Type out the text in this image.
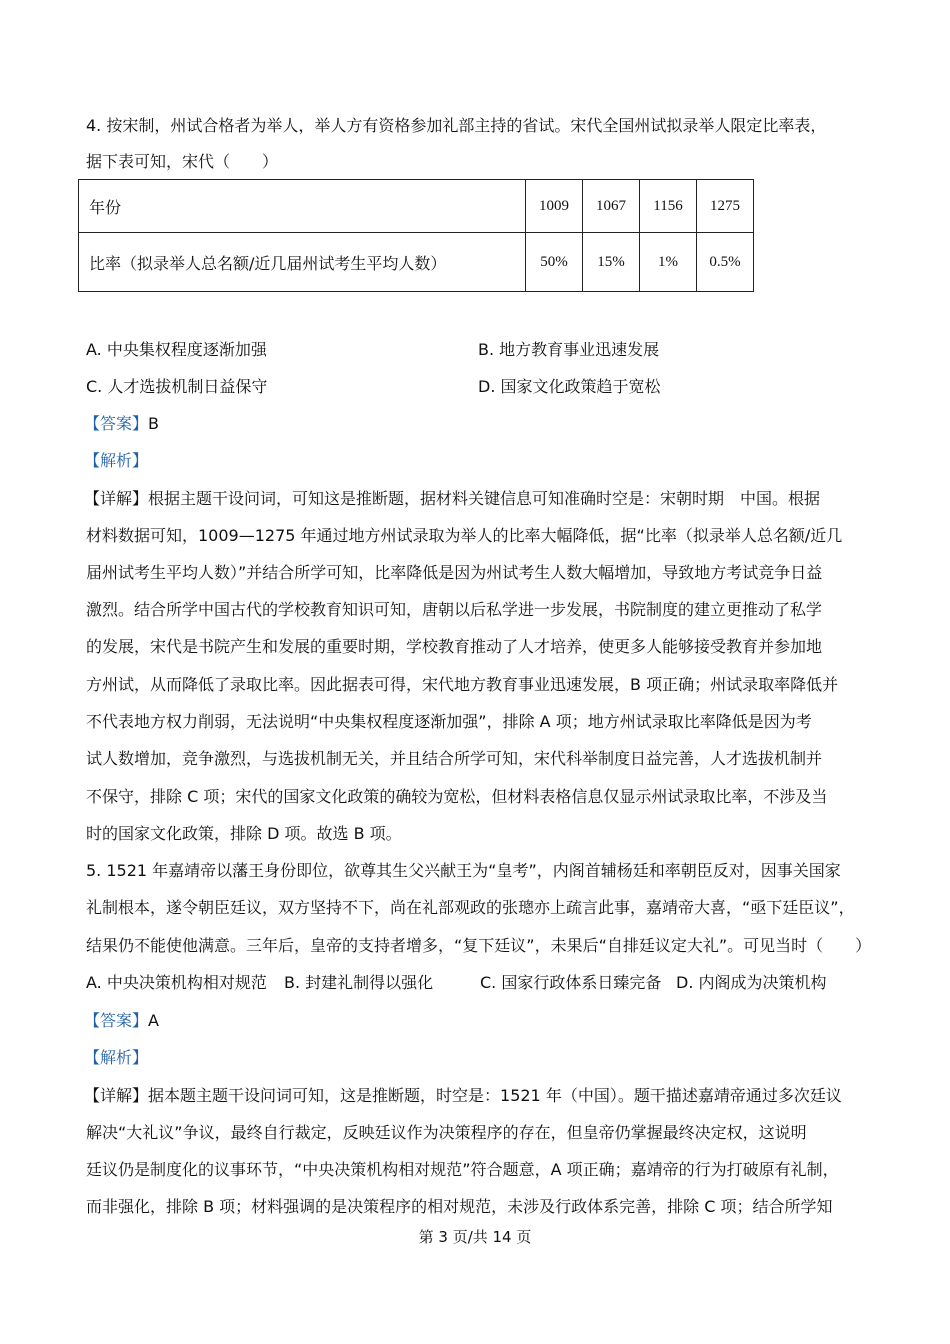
4. 按宋制，州试合格者为举人，举人方有资格参加礼部主持的省试。宋代全国州试拟录举人限定比率表，
据下表可知，宋代（　　）
年份	1009	1067	1156	1275
比率（拟录举人总名额/近几届州试考生平均人数）	50%	15%	1%	0.5%
A. 中央集权程度逐渐加强	B. 地方教育事业迅速发展
C. 人才选拔机制日益保守	D. 国家文化政策趋于宽松
【答案】B
【解析】
【详解】根据主题干设问词，可知这是推断题，据材料关键信息可知准确时空是：宋朝时期　中国。根据
材料数据可知，1009—1275 年通过地方州试录取为举人的比率大幅降低，据“比率（拟录举人总名额/近几
届州试考生平均人数）”并结合所学可知，比率降低是因为州试考生人数大幅增加，导致地方考试竞争日益
激烈。结合所学中国古代的学校教育知识可知，唐朝以后私学进一步发展，书院制度的建立更推动了私学
的发展，宋代是书院产生和发展的重要时期，学校教育推动了人才培养，使更多人能够接受教育并参加地
方州试，从而降低了录取比率。因此据表可得，宋代地方教育事业迅速发展，B 项正确；州试录取率降低并
不代表地方权力削弱，无法说明“中央集权程度逐渐加强”，排除 A 项；地方州试录取比率降低是因为考
试人数增加，竞争激烈，与选拔机制无关，并且结合所学可知，宋代科举制度日益完善，人才选拔机制并
不保守，排除 C 项；宋代的国家文化政策的确较为宽松，但材料表格信息仅显示州试录取比率，不涉及当
时的国家文化政策，排除 D 项。故选 B 项。
5. 1521 年嘉靖帝以藩王身份即位，欲尊其生父兴献王为“皇考”，内阁首辅杨廷和率朝臣反对，因事关国家
礼制根本，遂令朝臣廷议，双方坚持不下，尚在礼部观政的张璁亦上疏言此事，嘉靖帝大喜，“亟下廷臣议”，
结果仍不能使他满意。三年后，皇帝的支持者增多，“复下廷议”，未果后“自排廷议定大礼”。可见当时（　　）
A. 中央决策机构相对规范 B. 封建礼制得以强化	C. 国家行政体系日臻完备 D. 内阁成为决策机构
【答案】A
【解析】
【详解】据本题主题干设问词可知，这是推断题，时空是：1521 年（中国）。题干描述嘉靖帝通过多次廷议
解决“大礼议”争议，最终自行裁定，反映廷议作为决策程序的存在，但皇帝仍掌握最终决定权，这说明
廷议仍是制度化的议事环节，“中央决策机构相对规范”符合题意，A 项正确；嘉靖帝的行为打破原有礼制，
而非强化，排除 B 项；材料强调的是决策程序的相对规范，未涉及行政体系完善，排除 C 项；结合所学知
第 3 页/共 14 页
